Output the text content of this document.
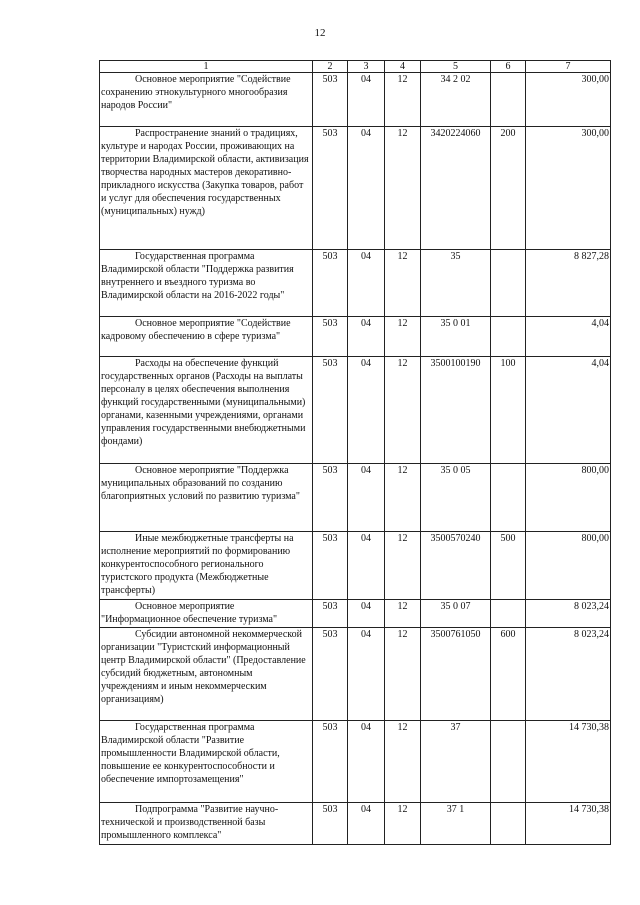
12
1	2	3	4	5	6	7
Основное мероприятие "Содействие сохранению этнокультурного многообразия народов России"	503	04	12	34 2 02		300,00
Распространение знаний о традициях, культуре и народах России, проживающих на территории Владимирской области, активизация творчества народных мастеров декоративно-прикладного искусства (Закупка товаров, работ и услуг для обеспечения государственных (муниципальных) нужд)	503	04	12	3420224060	200	300,00
Государственная программа Владимирской области "Поддержка развития внутреннего и въездного туризма во Владимирской области на 2016-2022 годы"	503	04	12	35		8 827,28
Основное мероприятие "Содействие кадровому обеспечению в сфере туризма"	503	04	12	35 0 01		4,04
Расходы на обеспечение функций государственных органов (Расходы на выплаты персоналу в целях обеспечения выполнения функций государственными (муниципальными) органами, казенными учреждениями, органами управления государственными внебюджетными фондами)	503	04	12	3500100190	100	4,04
Основное мероприятие "Поддержка муниципальных образований по созданию благоприятных условий по развитию туризма"	503	04	12	35 0 05		800,00
Иные межбюджетные трансферты на исполнение мероприятий по формированию конкурентоспособного регионального туристского продукта (Межбюджетные трансферты)	503	04	12	3500570240	500	800,00
Основное мероприятие "Информационное обеспечение туризма"	503	04	12	35 0 07		8 023,24
Субсидии автономной некоммерческой организации "Туристский информационный центр Владимирской области" (Предоставление субсидий бюджетным, автономным учреждениям и иным некоммерческим организациям)	503	04	12	3500761050	600	8 023,24
Государственная программа Владимирской области "Развитие промышленности Владимирской области, повышение ее конкурентоспособности и обеспечение импортозамещения"	503	04	12	37		14 730,38
Подпрограмма "Развитие научно-технической и производственной базы промышленного комплекса"	503	04	12	37 1		14 730,38
